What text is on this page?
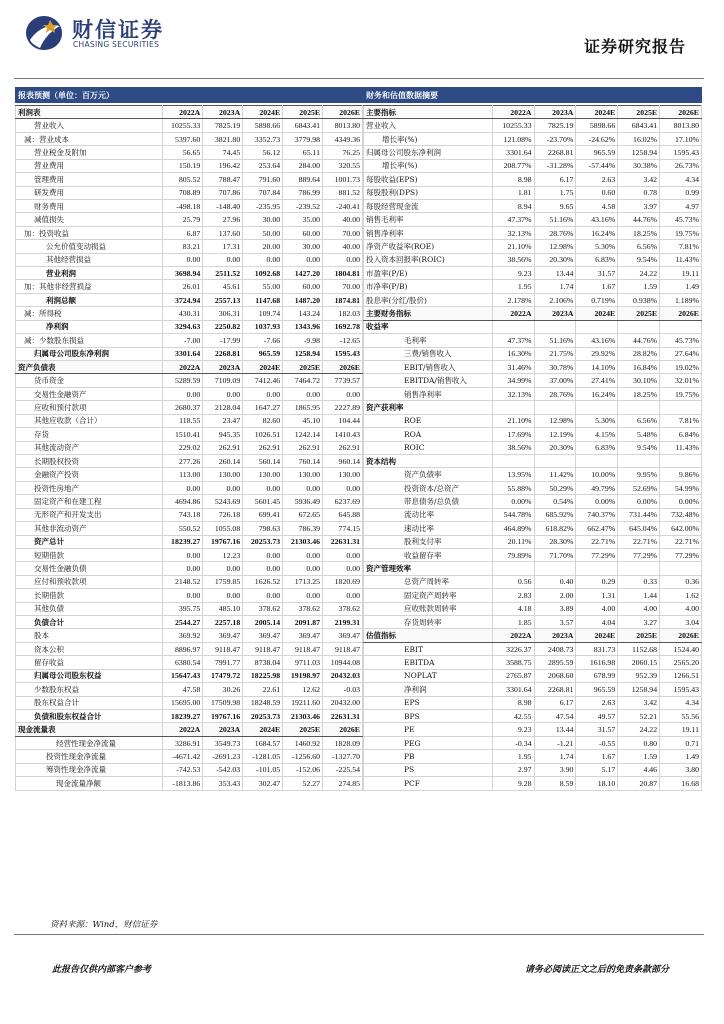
财信证券
CHASING SECURITIES	证券研究报告
报表预测（单位：百万元）
利润表	2022A	2023A	2024E	2025E	2026E
营业收入	10255.33	7825.19	5898.66	6843.41	8013.80
减：营业成本	5397.60	3821.80	3352.73	3779.98	4349.36
营业税金及附加	56.65	74.45	56.12	65.11	76.25
营业费用	150.19	196.42	253.64	284.00	320.55
管理费用	805.52	788.47	791.60	889.64	1001.73
研发费用	708.89	707.86	707.84	786.99	881.52
财务费用	-498.18	-148.40	-235.95	-239.52	-240.41
减值损失	25.79	27.96	30.00	35.00	40.00
加：投资收益	6.87	137.60	50.00	60.00	70.00
公允价值变动损益	83.21	17.31	20.00	30.00	40.00
其他经营损益	0.00	0.00	0.00	0.00	0.00
营业利润	3698.94	2511.52	1092.68	1427.20	1804.81
加：其他非经营损益	26.01	45.61	55.00	60.00	70.00
利润总额	3724.94	2557.13	1147.68	1487.20	1874.81
减：所得税	430.31	306.31	109.74	143.24	182.03
净利润	3294.63	2250.82	1037.93	1343.96	1692.78
减：少数股东损益	-7.00	-17.99	-7.66	-9.98	-12.65
归属母公司股东净利润	3301.64	2268.81	965.59	1258.94	1595.43
资产负债表	2022A	2023A	2024E	2025E	2026E
货币资金	5289.59	7109.09	7412.46	7464.72	7739.57
交易性金融资产	0.00	0.00	0.00	0.00	0.00
应收和预付款项	2680.37	2128.04	1647.27	1865.95	2227.89
其他应收款（合计）	118.55	23.47	82.60	45.10	104.44
存货	1510.41	945.35	1026.51	1242.14	1410.43
其他流动资产	229.02	262.91	262.91	262.91	262.91
长期股权投资	277.26	260.14	560.14	760.14	960.14
金融资产投资	113.00	130.00	130.00	130.00	130.00
投资性房地产	0.00	0.00	0.00	0.00	0.00
固定资产和在建工程	4694.86	5243.69	5601.45	5936.49	6237.69
无形资产和开发支出	743.18	726.18	699.41	672.65	645.88
其他非流动资产	550.52	1055.08	798.63	786.39	774.15
资产总计	18239.27	19767.16	20253.73	21303.46	22631.31
短期借款	0.00	12.23	0.00	0.00	0.00
交易性金融负债	0.00	0.00	0.00	0.00	0.00
应付和预收款项	2148.52	1759.85	1626.52	1713.25	1820.69
长期借款	0.00	0.00	0.00	0.00	0.00
其他负债	395.75	485.10	378.62	378.62	378.62
负债合计	2544.27	2257.18	2005.14	2091.87	2199.31
股本	369.92	369.47	369.47	369.47	369.47
资本公积	8896.97	9118.47	9118.47	9118.47	9118.47
留存收益	6380.54	7991.77	8738.04	9711.03	10944.08
归属母公司股东权益	15647.43	17479.72	18225.98	19198.97	20432.03
少数股东权益	47.58	30.26	22.61	12.62	-0.03
股东权益合计	15695.00	17509.98	18248.59	19211.60	20432.00
负债和股东权益合计	18239.27	19767.16	20253.73	21303.46	22631.31
现金流量表	2022A	2023A	2024E	2025E	2026E
经营性现金净流量	3286.91	3549.73	1684.57	1460.92	1828.09
投资性现金净流量	-4671.42	-2691.23	-1281.05	-1256.60	-1327.70
筹资性现金净流量	-742.53	-542.03	-101.05	-152.06	-225.54
现金流量净额	-1813.86	353.43	302.47	52.27	274.85
财务和估值数据摘要
主要指标	2022A	2023A	2024E	2025E	2026E
营业收入	10255.33	7825.19	5898.66	6843.41	8013.80
增长率(%)	121.08%	-23.70%	-24.62%	16.02%	17.10%
归属母公司股东净利润	3301.64	2268.81	965.59	1258.94	1595.43
增长率(%)	208.77%	-31.28%	-57.44%	30.38%	26.73%
每股收益(EPS)	8.98	6.17	2.63	3.42	4.34
每股股利(DPS)	1.81	1.75	0.60	0.78	0.99
每股经营现金流	8.94	9.65	4.58	3.97	4.97
销售毛利率	47.37%	51.16%	43.16%	44.76%	45.73%
销售净利率	32.13%	28.76%	16.24%	18.25%	19.75%
净资产收益率(ROE)	21.10%	12.98%	5.30%	6.56%	7.81%
投入资本回报率(ROIC)	38.56%	20.30%	6.83%	9.54%	11.43%
市盈率(P/E)	9.23	13.44	31.57	24.22	19.11
市净率(P/B)	1.95	1.74	1.67	1.59	1.49
股息率(分红/股价)	2.178%	2.106%	0.719%	0.938%	1.189%
主要财务指标	2022A	2023A	2024E	2025E	2026E
收益率					
毛利率	47.37%	51.16%	43.16%	44.76%	45.73%
三费/销售收入	16.30%	21.75%	29.92%	28.82%	27.64%
EBIT/销售收入	31.46%	30.78%	14.10%	16.84%	19.02%
EBITDA/销售收入	34.99%	37.00%	27.41%	30.10%	32.01%
销售净利率	32.13%	28.76%	16.24%	18.25%	19.75%
资产获利率					
ROE	21.10%	12.98%	5.30%	6.56%	7.81%
ROA	17.69%	12.19%	4.15%	5.48%	6.84%
ROIC	38.56%	20.30%	6.83%	9.54%	11.43%
资本结构					
资产负债率	13.95%	11.42%	10.00%	9.95%	9.86%
投资资本/总资产	55.88%	50.29%	49.79%	52.69%	54.99%
带息债务/总负债	0.00%	0.54%	0.00%	0.00%	0.00%
流动比率	544.78%	685.92%	740.37%	731.44%	732.48%
速动比率	464.89%	618.82%	662.47%	645.04%	642.00%
股利支付率	20.11%	28.30%	22.71%	22.71%	22.71%
收益留存率	79.89%	71.70%	77.29%	77.29%	77.29%
资产管理效率					
总资产周转率	0.56	0.40	0.29	0.33	0.36
固定资产周转率	2.83	2.00	1.31	1.44	1.62
应收账款周转率	4.18	3.89	4.00	4.00	4.00
存货周转率	1.85	3.57	4.04	3.27	3.04
估值指标	2022A	2023A	2024E	2025E	2026E
EBIT	3226.37	2408.73	831.73	1152.68	1524.40
EBITDA	3588.75	2895.59	1616.98	2060.15	2565.20
NOPLAT	2765.87	2068.60	678.99	952.39	1266.51
净利润	3301.64	2268.81	965.59	1258.94	1595.43
EPS	8.98	6.17	2.63	3.42	4.34
BPS	42.55	47.54	49.57	52.21	55.56
PE	9.23	13.44	31.57	24.22	19.11
PEG	-0.34	-1.21	-0.55	0.80	0.71
PB	1.95	1.74	1.67	1.59	1.49
PS	2.97	3.90	5.17	4.46	3.80
PCF	9.28	8.59	18.10	20.87	16.68
资料来源：Wind，财信证券
此报告仅供内部客户参考	请务必阅读正文之后的免责条款部分
